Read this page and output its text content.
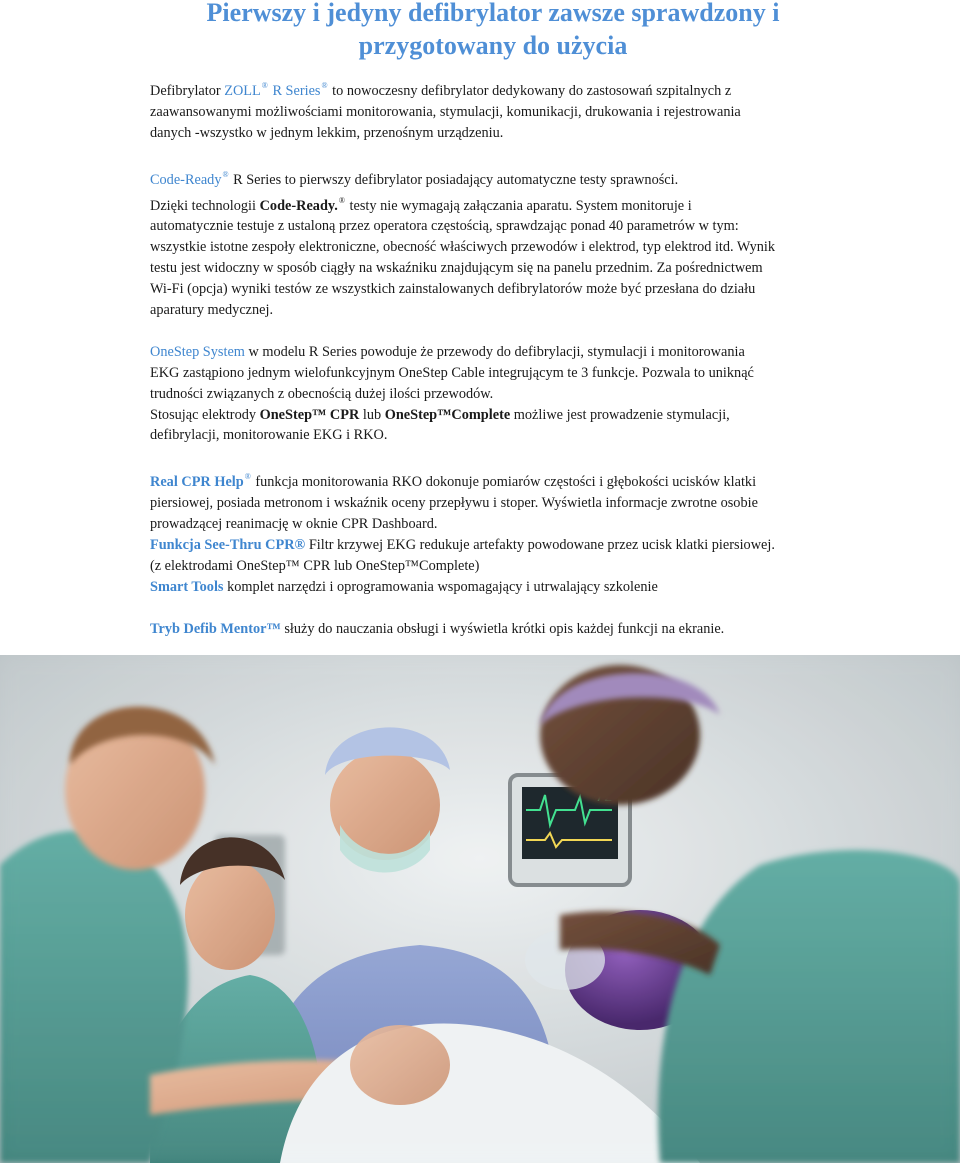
Pierwszy i jedyny defibrylator zawsze sprawdzony i
przygotowany do użycia

Defibrylator ZOLL® R Series® to nowoczesny defibrylator dedykowany do zastosowań szpitalnych z

zaawansowanymi możliwościami monitorowania, stymulacji, komunikacji, drukowania i rejestrowania

danych -wszystko w jednym lekkim, przenośnym urządzeniu.

Code-Ready® R Series to pierwszy defibrylator posiadający automatyczne testy sprawności.

Dzięki technologii Code-Ready.® testy nie wymagają załączania aparatu. System monitoruje i

automatycznie testuje z ustaloną przez operatora częstością, sprawdzając ponad 40 parametrów w tym:

wszystkie istotne zespoły elektroniczne, obecność właściwych przewodów i elektrod, typ elektrod itd. Wynik

testu jest widoczny w sposób ciągły na wskaźniku znajdującym się na panelu przednim. Za pośrednictwem

Wi-Fi (opcja) wyniki testów ze wszystkich zainstalowanych defibrylatorów może być przesłana do działu

aparatury medycznej.

OneStep System w modelu R Series powoduje że przewody do defibrylacji, stymulacji i monitorowania

EKG zastąpiono jednym wielofunkcyjnym OneStep Cable integrującym te 3 funkcje. Pozwala to uniknąć

trudności związanych z obecnością dużej ilości przewodów.

Stosując elektrody OneStep™ CPR lub OneStep™Complete możliwe jest prowadzenie stymulacji,

defibrylacji, monitorowanie EKG i RKO.

Real CPR Help® funkcja monitorowania RKO dokonuje pomiarów częstości i głębokości ucisków klatki

piersiowej, posiada metronom i wskaźnik oceny przepływu i stoper. Wyświetla informacje zwrotne osobie

prowadzącej reanimację w oknie CPR Dashboard.

Funkcja See-Thru CPR® Filtr krzywej EKG redukuje artefakty powodowane przez ucisk klatki piersiowej.

(z elektrodami OneStep™ CPR lub OneStep™Complete)

Smart Tools komplet narzędzi i oprogramowania wspomagający i utrwalający szkolenie

Tryb Defib Mentor™ służy do nauczania obsługi i wyświetla krótki opis każdej funkcji na ekranie.
